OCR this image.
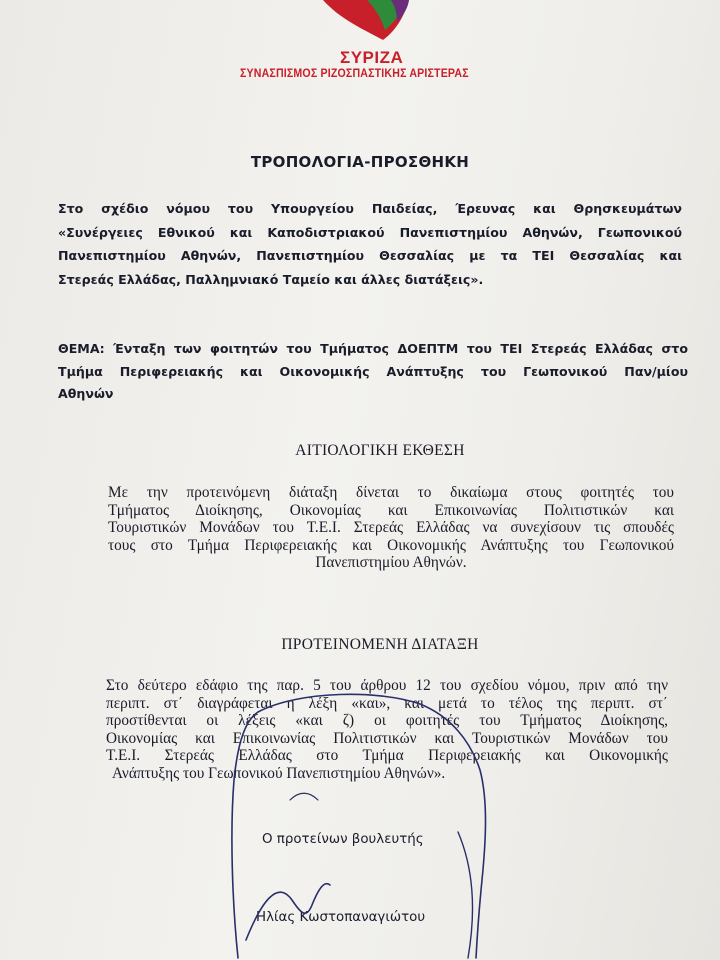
ΣΥΡΙΖΑ
ΣΥΝΑΣΠΙΣΜΟΣ ΡΙΖΟΣΠΑΣΤΙΚΗΣ ΑΡΙΣΤΕΡΑΣ
ΤΡΟΠΟΛΟΓΙΑ-ΠΡΟΣΘΗΚΗ
Στο σχέδιο νόμου του Υπουργείου Παιδείας, Έρευνας και Θρησκευμάτων
«Συνέργειες Εθνικού και Καποδιστριακού Πανεπιστημίου Αθηνών, Γεωπονικού
Πανεπιστημίου Αθηνών, Πανεπιστημίου Θεσσαλίας με τα ΤΕΙ Θεσσαλίας και
Στερεάς Ελλάδας, Παλλημνιακό Ταμείο και άλλες διατάξεις».
ΘΕΜΑ: Ένταξη των φοιτητών του Τμήματος ΔΟΕΠΤΜ του ΤΕΙ Στερεάς Ελλάδας στο
Τμήμα Περιφερειακής και Οικονομικής Ανάπτυξης του Γεωπονικού Παν/μίου
Αθηνών
ΑΙΤΙΟΛΟΓΙΚΗ ΕΚΘΕΣΗ
Με την προτεινόμενη διάταξη δίνεται το δικαίωμα στους φοιτητές του
Τμήματος Διοίκησης, Οικονομίας και Επικοινωνίας Πολιτιστικών και
Τουριστικών Μονάδων του Τ.Ε.Ι. Στερεάς Ελλάδας να συνεχίσουν τις σπουδές
τους στο Τμήμα Περιφερειακής και Οικονομικής Ανάπτυξης του Γεωπονικού
Πανεπιστημίου Αθηνών.
ΠΡΟΤΕΙΝΟΜΕΝΗ ΔΙΑΤΑΞΗ
Στο δεύτερο εδάφιο της παρ. 5 του άρθρου 12 του σχεδίου νόμου, πριν από την
περιπτ. στ΄ διαγράφεται η λέξη «και», και μετά το τέλος της περιπτ. στ΄
προστίθενται οι λέξεις «και ζ) οι φοιτητές του Τμήματος Διοίκησης,
Οικονομίας και Επικοινωνίας Πολιτιστικών και Τουριστικών Μονάδων του
Τ.Ε.Ι. Στερεάς Ελλάδας στο Τμήμα Περιφερειακής και Οικονομικής
Ανάπτυξης του Γεωπονικού Πανεπιστημίου Αθηνών».
Ο προτείνων βουλευτής
Ηλίας Κωστοπαναγιώτου
